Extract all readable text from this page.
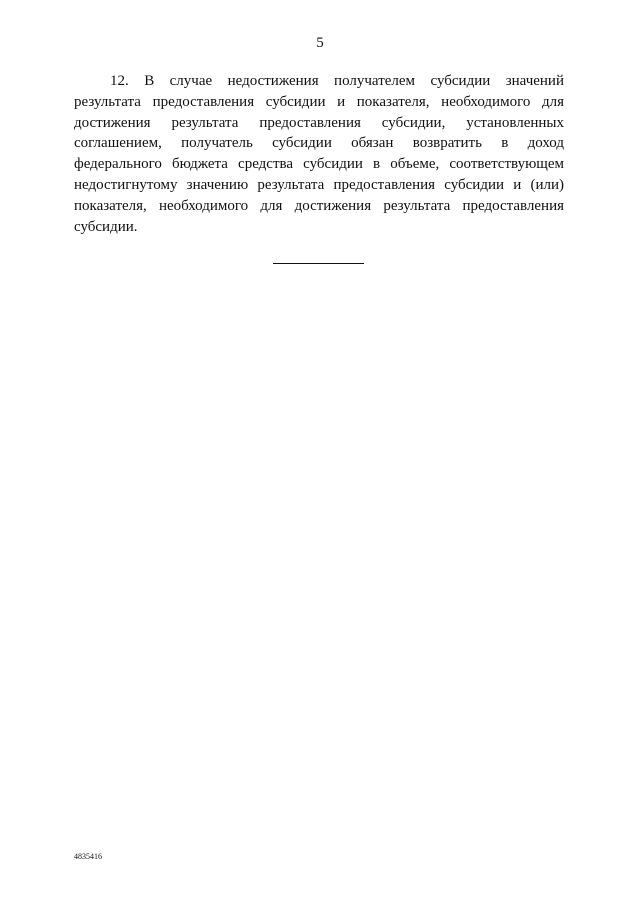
5

12. В случае недостижения получателем субсидии значений результата предоставления субсидии и показателя, необходимого для достижения результата предоставления субсидии, установленных соглашением, получатель субсидии обязан возвратить в доход федерального бюджета средства субсидии в объеме, соответствующем недостигнутому значению результата предоставления субсидии и (или) показателя, необходимого для достижения результата предоставления субсидии.

4835416
